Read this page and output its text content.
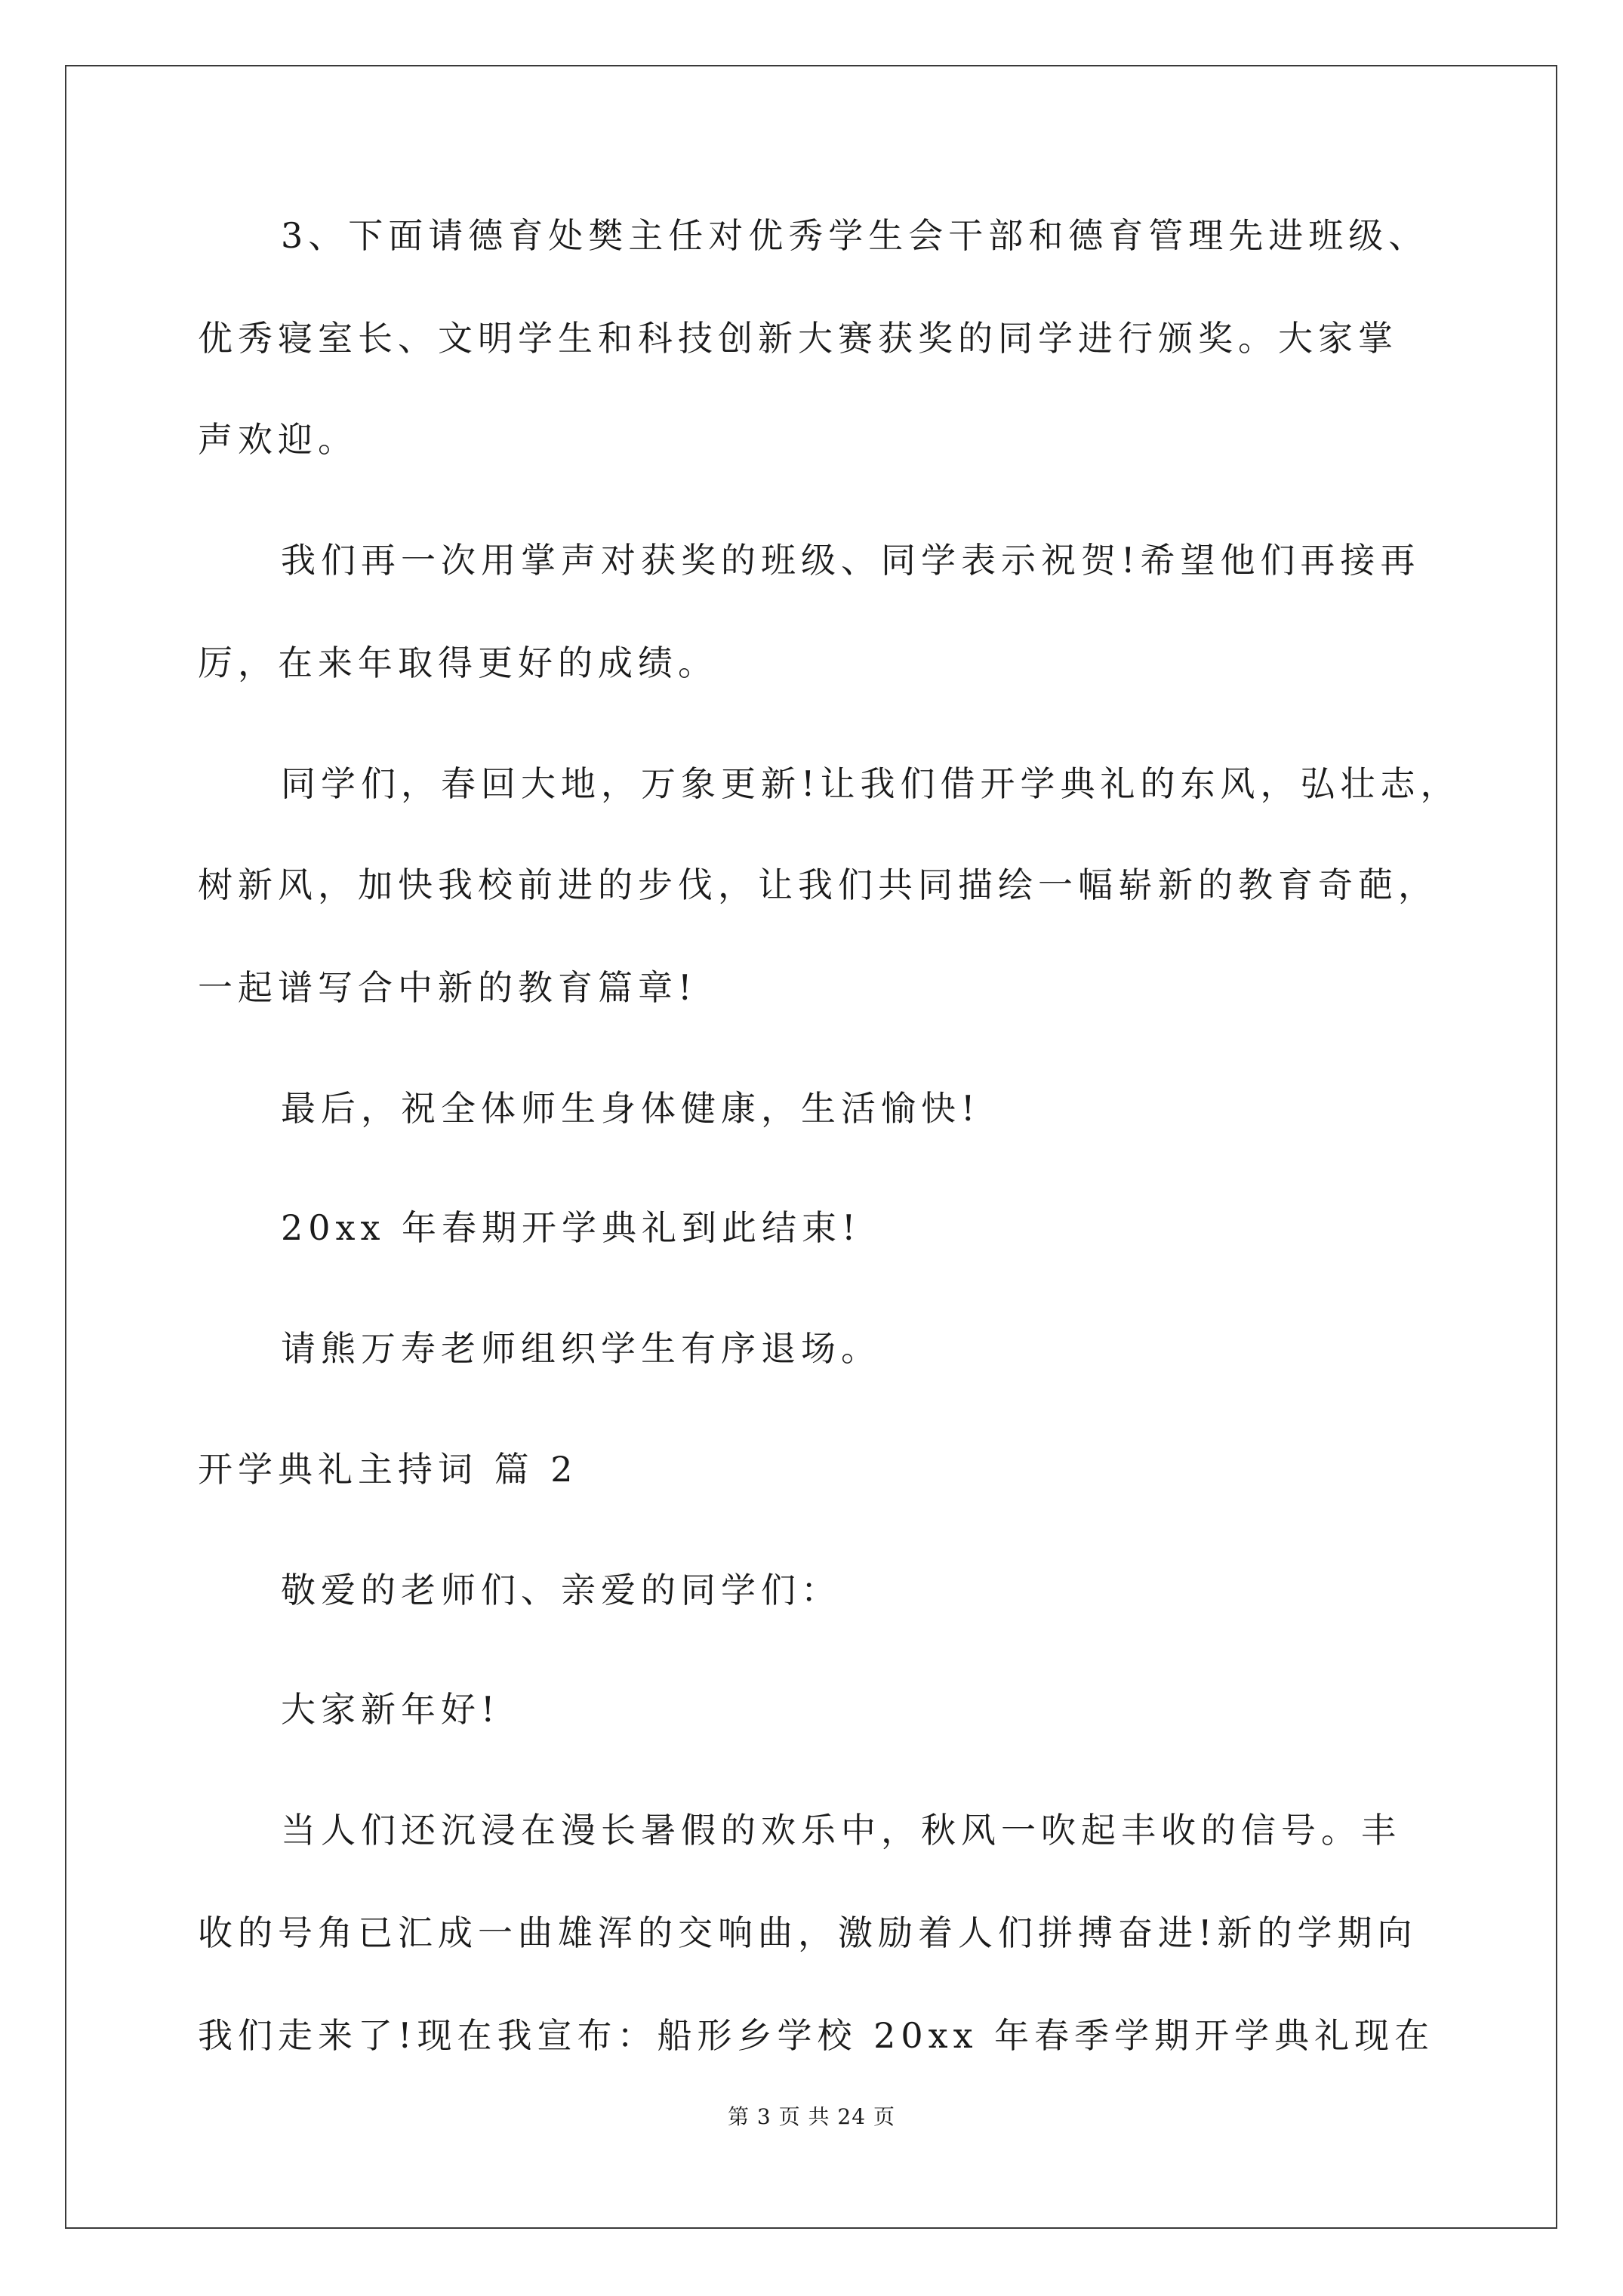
3、下面请德育处樊主任对优秀学生会干部和德育管理先进班级、
优秀寝室长、文明学生和科技创新大赛获奖的同学进行颁奖。大家掌
声欢迎。
我们再一次用掌声对获奖的班级、同学表示祝贺!希望他们再接再
厉，在来年取得更好的成绩。
同学们，春回大地，万象更新!让我们借开学典礼的东风，弘壮志，
树新风，加快我校前进的步伐，让我们共同描绘一幅崭新的教育奇葩，
一起谱写合中新的教育篇章!
最后，祝全体师生身体健康，生活愉快!
20xx 年春期开学典礼到此结束!
请熊万寿老师组织学生有序退场。
开学典礼主持词 篇 2
敬爱的老师们、亲爱的同学们：
大家新年好!
当人们还沉浸在漫长暑假的欢乐中，秋风一吹起丰收的信号。丰
收的号角已汇成一曲雄浑的交响曲，激励着人们拼搏奋进!新的学期向
我们走来了!现在我宣布：船形乡学校 20xx 年春季学期开学典礼现在
第 3 页 共 24 页
